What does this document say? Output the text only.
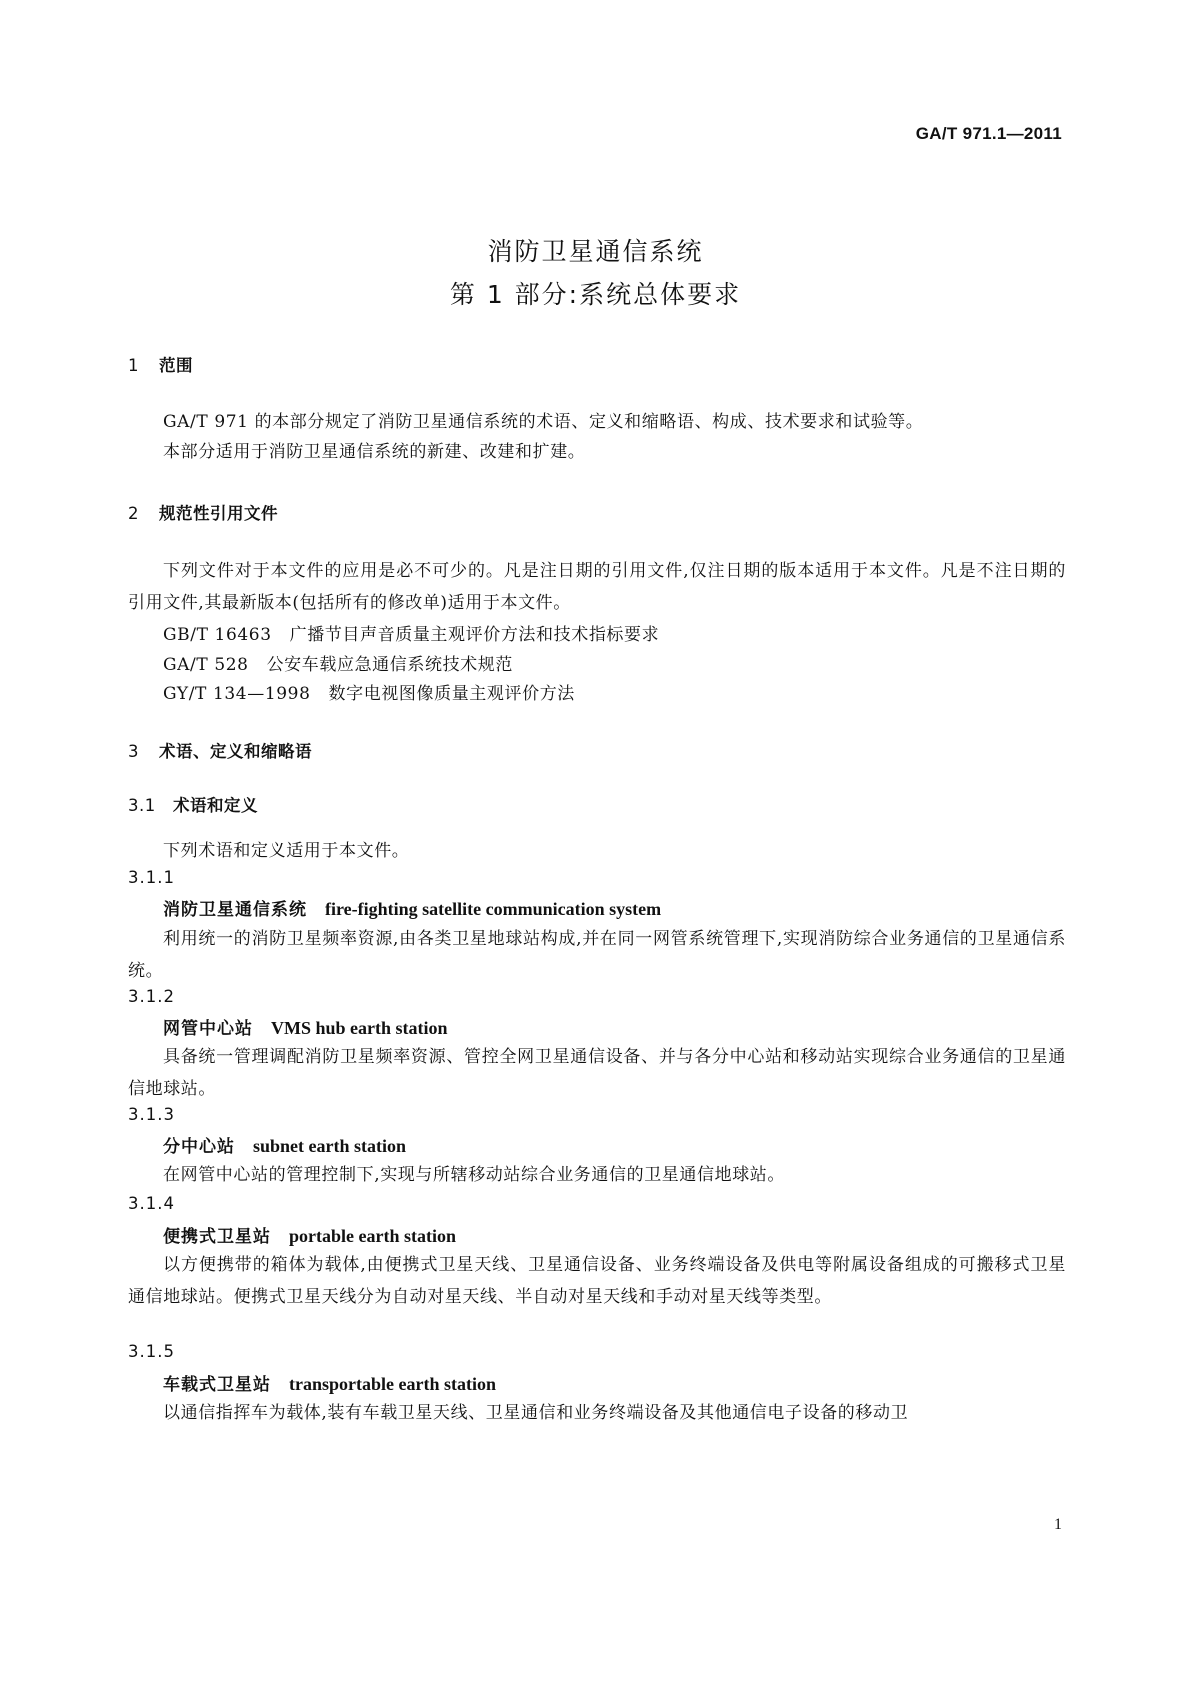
GA/T 971.1—2011
消防卫星通信系统
第 1 部分:系统总体要求
1 范围
GA/T 971 的本部分规定了消防卫星通信系统的术语、定义和缩略语、构成、技术要求和试验等。
本部分适用于消防卫星通信系统的新建、改建和扩建。
2 规范性引用文件
下列文件对于本文件的应用是必不可少的。凡是注日期的引用文件,仅注日期的版本适用于本文件。凡是不注日期的引用文件,其最新版本(包括所有的修改单)适用于本文件。
GB/T 16463 广播节目声音质量主观评价方法和技术指标要求
GA/T 528 公安车载应急通信系统技术规范
GY/T 134—1998 数字电视图像质量主观评价方法
3 术语、定义和缩略语
3.1 术语和定义
下列术语和定义适用于本文件。
3.1.1
消防卫星通信系统 fire-fighting satellite communication system
利用统一的消防卫星频率资源,由各类卫星地球站构成,并在同一网管系统管理下,实现消防综合业务通信的卫星通信系统。
3.1.2
网管中心站 VMS hub earth station
具备统一管理调配消防卫星频率资源、管控全网卫星通信设备、并与各分中心站和移动站实现综合业务通信的卫星通信地球站。
3.1.3
分中心站 subnet earth station
在网管中心站的管理控制下,实现与所辖移动站综合业务通信的卫星通信地球站。
3.1.4
便携式卫星站 portable earth station
以方便携带的箱体为载体,由便携式卫星天线、卫星通信设备、业务终端设备及供电等附属设备组成的可搬移式卫星通信地球站。便携式卫星天线分为自动对星天线、半自动对星天线和手动对星天线等类型。
3.1.5
车载式卫星站 transportable earth station
以通信指挥车为载体,装有车载卫星天线、卫星通信和业务终端设备及其他通信电子设备的移动卫
1
